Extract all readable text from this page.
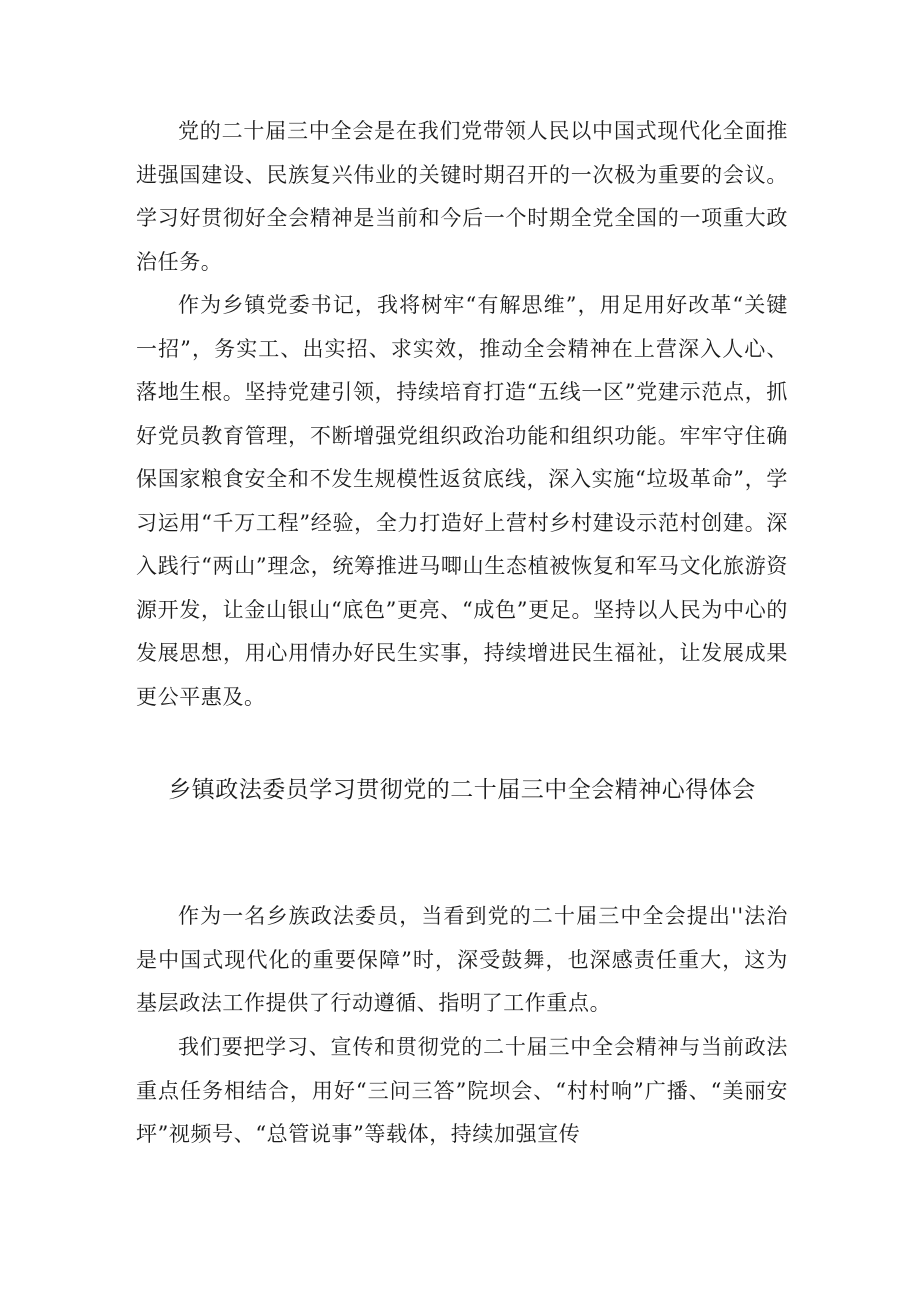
党的二十届三中全会是在我们党带领人民以中国式现代化全面推进强国建设、民族复兴伟业的关键时期召开的一次极为重要的会议。学习好贯彻好全会精神是当前和今后一个时期全党全国的一项重大政治任务。

作为乡镇党委书记，我将树牢“有解思维”，用足用好改革“关键一招”，务实工、出实招、求实效，推动全会精神在上营深入人心、落地生根。坚持党建引领，持续培育打造“五线一区”党建示范点，抓好党员教育管理，不断增强党组织政治功能和组织功能。牢牢守住确保国家粮食安全和不发生规模性返贫底线，深入实施“垃圾革命”，学习运用“千万工程”经验，全力打造好上营村乡村建设示范村创建。深入践行“两山”理念，统筹推进马唧山生态植被恢复和军马文化旅游资源开发，让金山银山“底色”更亮、“成色”更足。坚持以人民为中心的发展思想，用心用情办好民生实事，持续增进民生福祉，让发展成果更公平惠及。

乡镇政法委员学习贯彻党的二十届三中全会精神心得体会

作为一名乡族政法委员，当看到党的二十届三中全会提出''法治是中国式现代化的重要保障”时，深受鼓舞，也深感责任重大，这为基层政法工作提供了行动遵循、指明了工作重点。

我们要把学习、宣传和贯彻党的二十届三中全会精神与当前政法重点任务相结合，用好“三问三答”院坝会、“村村响”广播、“美丽安坪”视频号、“总管说事”等载体，持续加强宣传
